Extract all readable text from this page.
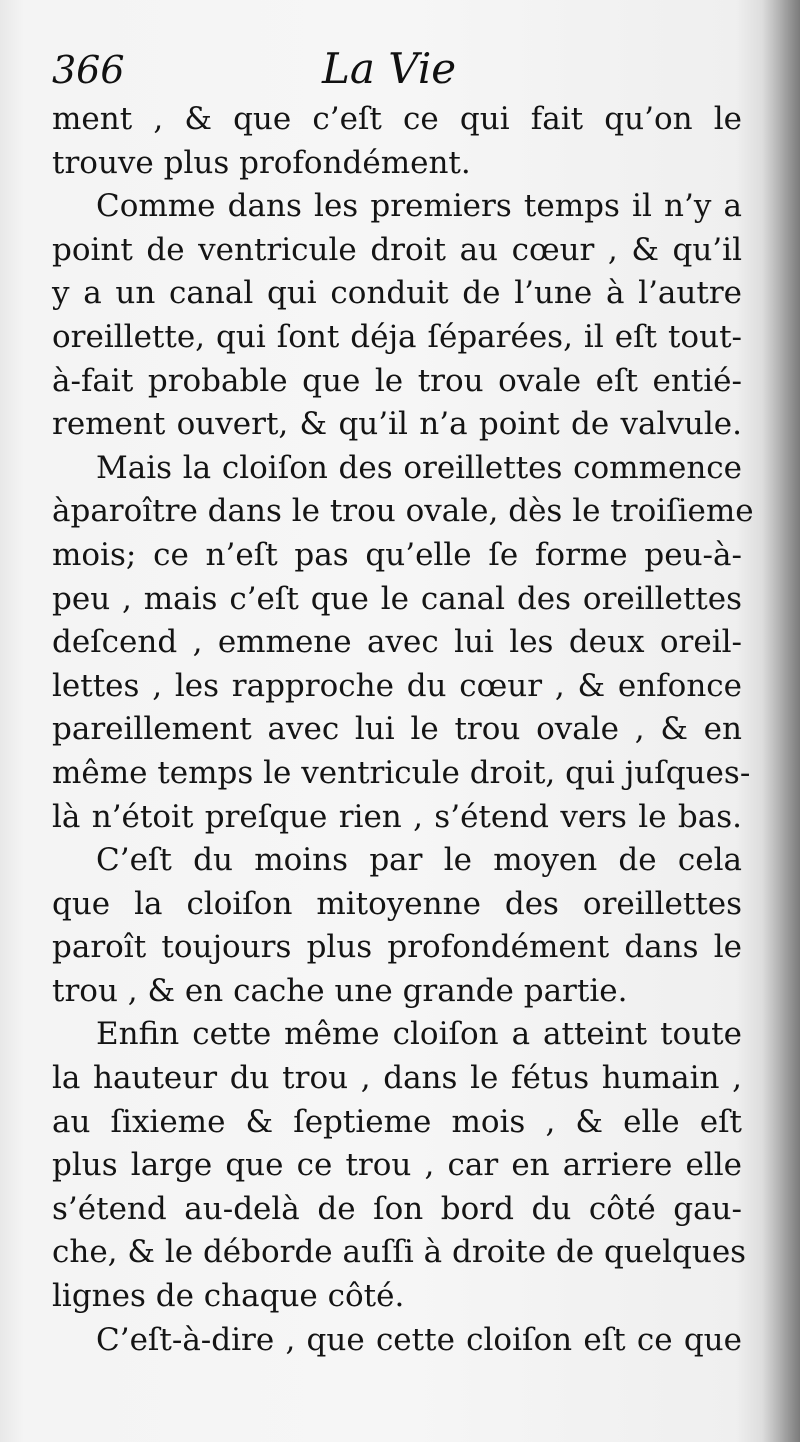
366	La Vie
ment , & que c’eſt ce qui fait qu’on le
trouve plus profondément.
Comme dans les premiers temps il n’y a
point de ventricule droit au cœur , & qu’il
y a un canal qui conduit de l’une à l’autre
oreillette, qui ſont déja ſéparées, il eſt tout-
à-fait probable que le trou ovale eſt entié-
rement ouvert, & qu’il n’a point de valvule.
Mais la cloiſon des oreillettes commence
àparoître dans le trou ovale, dès le troiſieme
mois; ce n’eſt pas qu’elle ſe forme peu-à-
peu , mais c’eſt que le canal des oreillettes
deſcend , emmene avec lui les deux oreil-
lettes , les rapproche du cœur , & enfonce
pareillement avec lui le trou ovale , & en
même temps le ventricule droit, qui juſques-
là n’étoit preſque rien , s’étend vers le bas.
C’eſt du moins par le moyen de cela
que la cloiſon mitoyenne des oreillettes
paroît toujours plus profondément dans le
trou , & en cache une grande partie.
Enfin cette même cloiſon a atteint toute
la hauteur du trou , dans le fétus humain ,
au ſixieme & ſeptieme mois , & elle eſt
plus large que ce trou , car en arriere elle
s’étend au-delà de ſon bord du côté gau-
che, & le déborde auſſi à droite de quelques
lignes de chaque côté.
C’eſt-à-dire , que cette cloiſon eſt ce que
